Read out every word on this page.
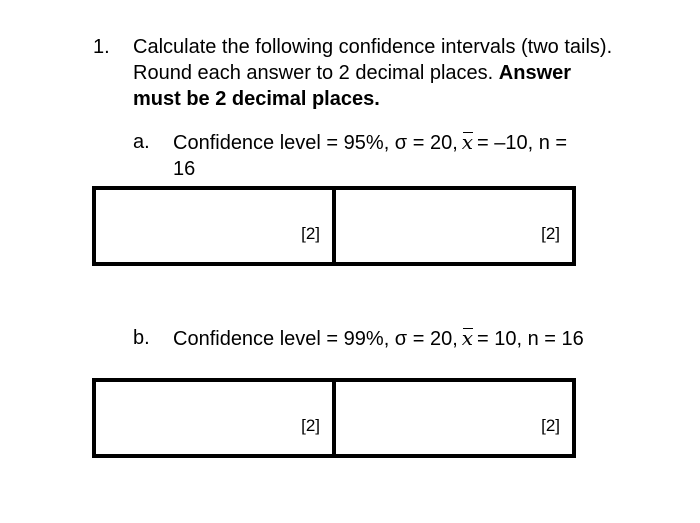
1. Calculate the following confidence intervals (two tails). Round each answer to 2 decimal places. Answer must be 2 decimal places.
a. Confidence level = 95%, σ = 20, x = –10, n = 16
[2]	[2]
b. Confidence level = 99%, σ = 20, x = 10, n = 16
[2]	[2]
